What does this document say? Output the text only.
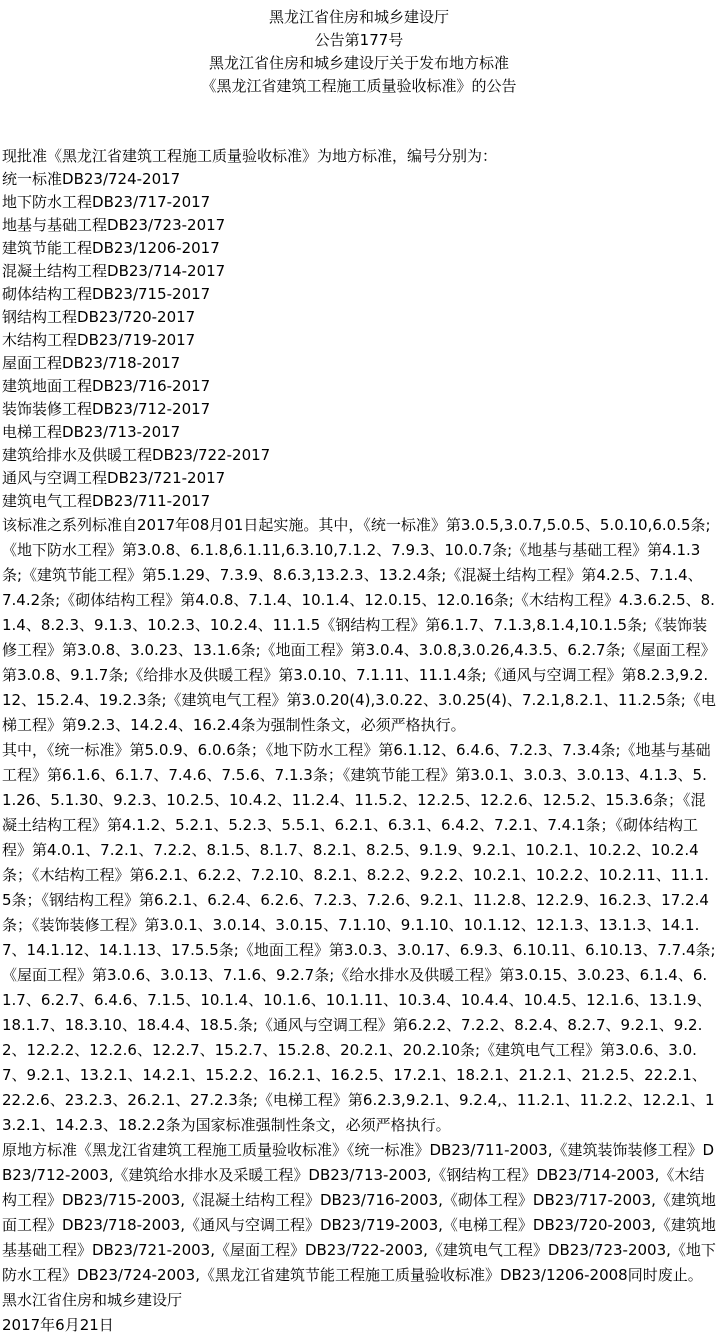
黑龙江省住房和城乡建设厅
公告第177号
黑龙江省住房和城乡建设厅关于发布地方标准
《黑龙江省建筑工程施工质量验收标准》的公告
现批准《黑龙江省建筑工程施工质量验收标准》为地方标准，编号分别为：
统一标准DB23/724-2017
地下防水工程DB23/717-2017
地基与基础工程DB23/723-2017
建筑节能工程DB23/1206-2017
混凝土结构工程DB23/714-2017
砌体结构工程DB23/715-2017
钢结构工程DB23/720-2017
木结构工程DB23/719-2017
屋面工程DB23/718-2017
建筑地面工程DB23/716-2017
装饰装修工程DB23/712-2017
电梯工程DB23/713-2017
建筑给排水及供暖工程DB23/722-2017
通风与空调工程DB23/721-2017
建筑电气工程DB23/711-2017
该标准之系列标准自2017年08月01日起实施。其中，《统一标准》第3.0.5,3.0.7,5.0.5、5.0.10,6.0.5条;《地下防水工程》第3.0.8、6.1.8,6.1.11,6.3.10,7.1.2、7.9.3、10.0.7条;《地基与基础工程》第4.1.3条;《建筑节能工程》第5.1.29、7.3.9、8.6.3,13.2.3、13.2.4条;《混凝土结构工程》第4.2.5、7.1.4、7.4.2条;《砌体结构工程》第4.0.8、7.1.4、10.1.4、12.0.15、12.0.16条;《木结构工程》4.3.6.2.5、8.1.4、8.2.3、9.1.3、10.2.3、10.2.4、11.1.5《钢结构工程》第6.1.7、7.1.3,8.1.4,10.1.5条;《装饰装修工程》第3.0.8、3.0.23、13.1.6条;《地面工程》第3.0.4、3.0.8,3.0.26,4.3.5、6.2.7条;《屋面工程》第3.0.8、9.1.7条;《给排水及供暖工程》第3.0.10、7.1.11、11.1.4条;《通风与空调工程》第8.2.3,9.2.12、15.2.4、19.2.3条;《建筑电气工程》第3.0.20(4),3.0.22、3.0.25(4)、7.2.1,8.2.1、11.2.5条;《电梯工程》第9.2.3、14.2.4、16.2.4条为强制性条文，必须严格执行。
其中，《统一标准》第5.0.9、6.0.6条；《地下防水工程》第6.1.12、6.4.6、7.2.3、7.3.4条;《地基与基础工程》第6.1.6、6.1.7、7.4.6、7.5.6、7.1.3条；《建筑节能工程》第3.0.1、3.0.3、3.0.13、4.1.3、5.1.26、5.1.30、9.2.3、10.2.5、10.4.2、11.2.4、11.5.2、12.2.5、12.2.6、12.5.2、15.3.6条；《混凝土结构工程》第4.1.2、5.2.1、5.2.3、5.5.1、6.2.1、6.3.1、6.4.2、7.2.1、7.4.1条；《砌体结构工程》第4.0.1、7.2.1、7.2.2、8.1.5、8.1.7、8.2.1、8.2.5、9.1.9、9.2.1、10.2.1、10.2.2、10.2.4条；《木结构工程》第6.2.1、6.2.2、7.2.10、8.2.1、8.2.2、9.2.2、10.2.1、10.2.2、10.2.11、11.1.5条；《钢结构工程》第6.2.1、6.2.4、6.2.6、7.2.3、7.2.6、9.2.1、11.2.8、12.2.9、16.2.3、17.2.4条；《装饰装修工程》第3.0.1、3.0.14、3.0.15、7.1.10、9.1.10、10.1.12、12.1.3、13.1.3、14.1.7、14.1.12、14.1.13、17.5.5条;《地面工程》第3.0.3、3.0.17、6.9.3、6.10.11、6.10.13、7.7.4条;《屋面工程》第3.0.6、3.0.13、7.1.6、9.2.7条;《给水排水及供暖工程》第3.0.15、3.0.23、6.1.4、6.1.7、6.2.7、6.4.6、7.1.5、10.1.4、10.1.6、10.1.11、10.3.4、10.4.4、10.4.5、12.1.6、13.1.9、18.1.7、18.3.10、18.4.4、18.5.条;《通风与空调工程》第6.2.2、7.2.2、8.2.4、8.2.7、9.2.1、9.2.2、12.2.2、12.2.6、12.2.7、15.2.7、15.2.8、20.2.1、20.2.10条;《建筑电气工程》第3.0.6、3.0.7、9.2.1、13.2.1、14.2.1、15.2.2、16.2.1、16.2.5、17.2.1、18.2.1、21.2.1、21.2.5、22.2.1、22.2.6、23.2.3、26.2.1、27.2.3条;《电梯工程》第6.2.3,9.2.1、9.2.4,、11.2.1、11.2.2、12.2.1、13.2.1、14.2.3、18.2.2条为国家标准强制性条文，必须严格执行。
原地方标准《黑龙江省建筑工程施工质量验收标准》《统一标准》DB23/711-2003,《建筑装饰装修工程》DB23/712-2003,《建筑给水排水及采暖工程》DB23/713-2003,《钢结构工程》DB23/714-2003,《木结构工程》DB23/715-2003,《混凝土结构工程》DB23/716-2003,《砌体工程》DB23/717-2003,《建筑地面工程》DB23/718-2003,《通风与空调工程》DB23/719-2003,《电梯工程》DB23/720-2003,《建筑地基基础工程》DB23/721-2003,《屋面工程》DB23/722-2003,《建筑电气工程》DB23/723-2003,《地下防水工程》DB23/724-2003,《黑龙江省建筑节能工程施工质量验收标准》DB23/1206-2008同时废止。
黑水江省住房和城乡建设厅
2017年6月21日
